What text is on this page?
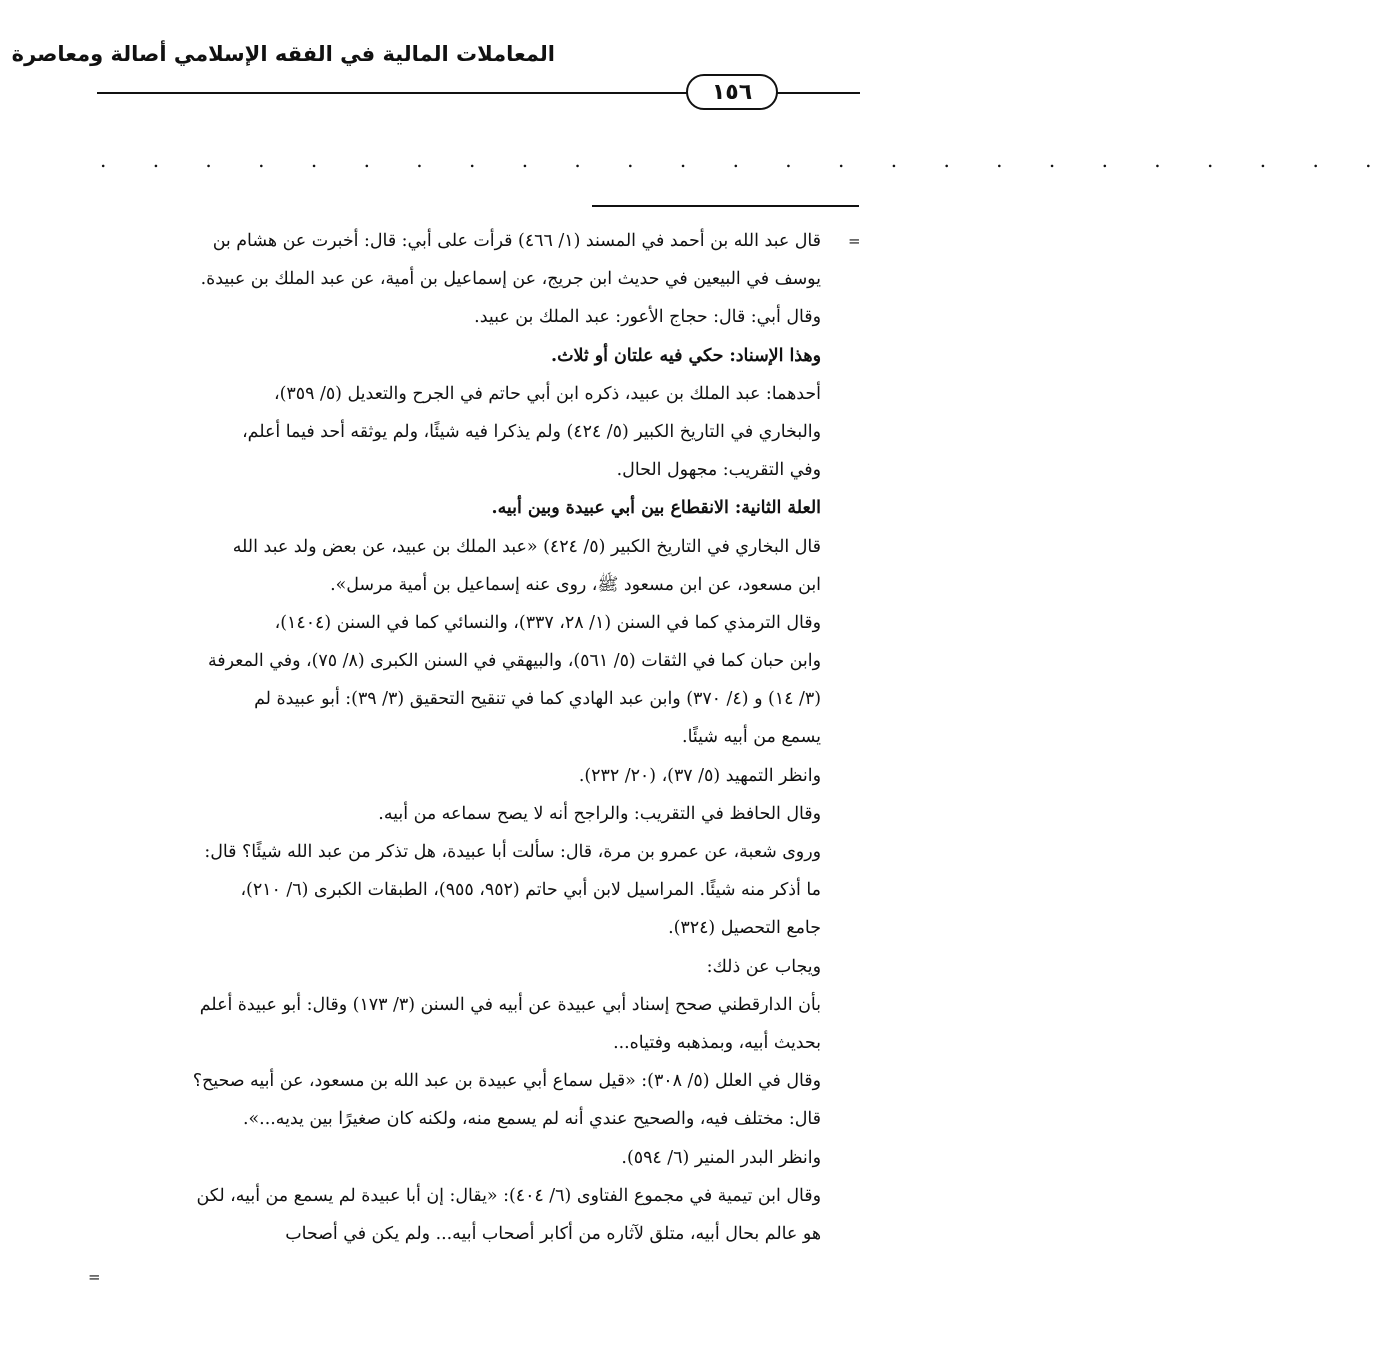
المعاملات المالية في الفقه الإسلامي أصالة ومعاصرة
١٥٦
. . . . . . . . . . . . . . . . . . . . . . . . .
=
قال عبد الله بن أحمد في المسند (١/ ٤٦٦) قرأت على أبي: قال: أخبرت عن هشام بن
يوسف في البيعين في حديث ابن جريج، عن إسماعيل بن أمية، عن عبد الملك بن عبيدة.
وقال أبي: قال: حجاج الأعور: عبد الملك بن عبيد.
وهذا الإسناد: حكي فيه علتان أو ثلاث.
أحدهما: عبد الملك بن عبيد، ذكره ابن أبي حاتم في الجرح والتعديل (٥/ ٣٥٩)،
والبخاري في التاريخ الكبير (٥/ ٤٢٤) ولم يذكرا فيه شيئًا، ولم يوثقه أحد فيما أعلم،
وفي التقريب: مجهول الحال.
العلة الثانية: الانقطاع بين أبي عبيدة وبين أبيه.
قال البخاري في التاريخ الكبير (٥/ ٤٢٤) «عبد الملك بن عبيد، عن بعض ولد عبد الله
ابن مسعود، عن ابن مسعود ﷺ، روى عنه إسماعيل بن أمية مرسل».
وقال الترمذي كما في السنن (١/ ٢٨، ٣٣٧)، والنسائي كما في السنن (١٤٠٤)،
وابن حبان كما في الثقات (٥/ ٥٦١)، والبيهقي في السنن الكبرى (٨/ ٧٥)، وفي المعرفة
(٣/ ١٤) و (٤/ ٣٧٠) وابن عبد الهادي كما في تنقيح التحقيق (٣/ ٣٩): أبو عبيدة لم
يسمع من أبيه شيئًا.
وانظر التمهيد (٥/ ٣٧)، (٢٠/ ٢٣٢).
وقال الحافظ في التقريب: والراجح أنه لا يصح سماعه من أبيه.
وروى شعبة، عن عمرو بن مرة، قال: سألت أبا عبيدة، هل تذكر من عبد الله شيئًا؟ قال:
ما أذكر منه شيئًا. المراسيل لابن أبي حاتم (٩٥٢، ٩٥٥)، الطبقات الكبرى (٦/ ٢١٠)،
جامع التحصيل (٣٢٤).
ويجاب عن ذلك:
بأن الدارقطني صحح إسناد أبي عبيدة عن أبيه في السنن (٣/ ١٧٣) وقال: أبو عبيدة أعلم
بحديث أبيه، وبمذهبه وفتياه...
وقال في العلل (٥/ ٣٠٨): «قيل سماع أبي عبيدة بن عبد الله بن مسعود، عن أبيه صحيح؟
قال: مختلف فيه، والصحيح عندي أنه لم يسمع منه، ولكنه كان صغيرًا بين يديه...».
وانظر البدر المنير (٦/ ٥٩٤).
وقال ابن تيمية في مجموع الفتاوى (٦/ ٤٠٤): «يقال: إن أبا عبيدة لم يسمع من أبيه، لكن
هو عالم بحال أبيه، متلق لآثاره من أكابر أصحاب أبيه... ولم يكن في أصحاب
=
